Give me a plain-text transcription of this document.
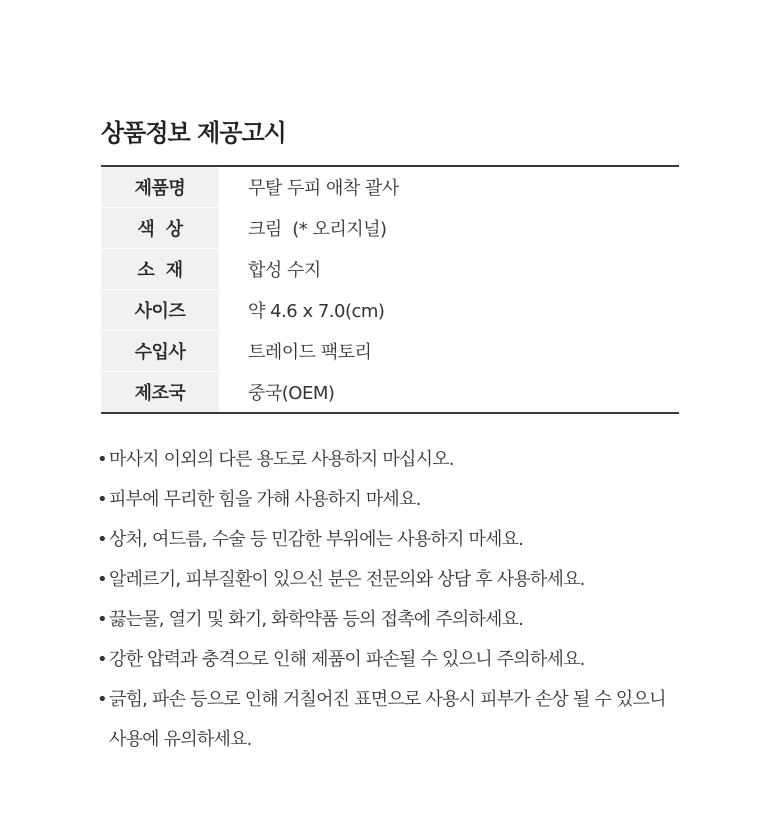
상품정보 제공고시
제품명	무탈 두피 애착 괄사
색  상	크림  (* 오리지널)
소  재	합성 수지
사이즈	약 4.6 x 7.0(cm)
수입사	트레이드 팩토리
제조국	중국(OEM)
• 마사지 이외의 다른 용도로 사용하지 마십시오.
• 피부에 무리한 힘을 가해 사용하지 마세요.
• 상처, 여드름, 수술 등 민감한 부위에는 사용하지 마세요.
• 알레르기, 피부질환이 있으신 분은 전문의와 상담 후 사용하세요.
• 끓는물, 열기 및 화기, 화학약품 등의 접촉에 주의하세요.
• 강한 압력과 충격으로 인해 제품이 파손될 수 있으니 주의하세요.
• 긁힘, 파손 등으로 인해 거칠어진 표면으로 사용시 피부가 손상 될 수 있으니
사용에 유의하세요.
